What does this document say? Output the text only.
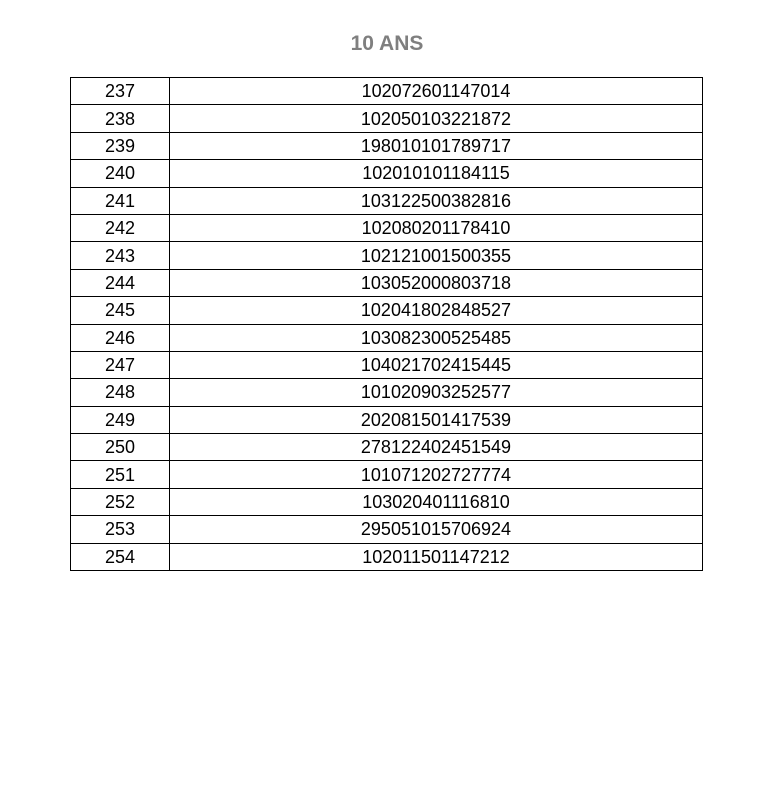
10 ANS
237	102072601147014
238	102050103221872
239	198010101789717
240	102010101184115
241	103122500382816
242	102080201178410
243	102121001500355
244	103052000803718
245	102041802848527
246	103082300525485
247	104021702415445
248	101020903252577
249	202081501417539
250	278122402451549
251	101071202727774
252	103020401116810
253	295051015706924
254	102011501147212
